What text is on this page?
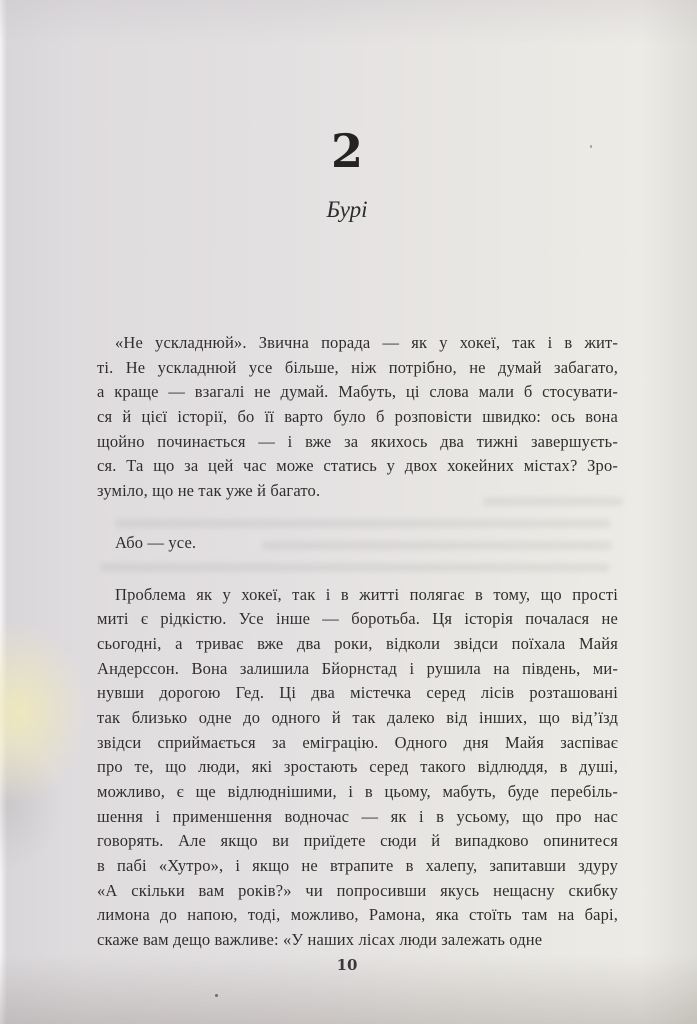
2
Бурі
«Не ускладнюй». Звична порада — як у хокеї, так і в жит-
ті. Не ускладнюй усе більше, ніж потрібно, не думай забагато,
а краще — взагалі не думай. Мабуть, ці слова мали б стосувати-
ся й цієї історії, бо її варто було б розповісти швидко: ось вона
щойно починається — і вже за якихось два тижні завершуєть-
ся. Та що за цей час може статись у двох хокейних містах? Зро-
зуміло, що не так уже й багато.
Або — усе.
Проблема як у хокеї, так і в житті полягає в тому, що прості
миті є рідкістю. Усе інше — боротьба. Ця історія почалася не
сьогодні, а триває вже два роки, відколи звідси поїхала Майя
Андерссон. Вона залишила Бйорнстад і рушила на південь, ми-
нувши дорогою Гед. Ці два містечка серед лісів розташовані
так близько одне до одного й так далеко від інших, що від’їзд
звідси сприймається за еміграцію. Одного дня Майя заспіває
про те, що люди, які зростають серед такого відлюддя, в душі,
можливо, є ще відлюднішими, і в цьому, мабуть, буде перебіль-
шення і применшення водночас — як і в усьому, що про нас
говорять. Але якщо ви приїдете сюди й випадково опинитеся
в пабі «Хутро», і якщо не втрапите в халепу, запитавши здуру
«А скільки вам років?» чи попросивши якусь нещасну скибку
лимона до напою, тоді, можливо, Рамона, яка стоїть там на барі,
скаже вам дещо важливе: «У наших лісах люди залежать одне
10
